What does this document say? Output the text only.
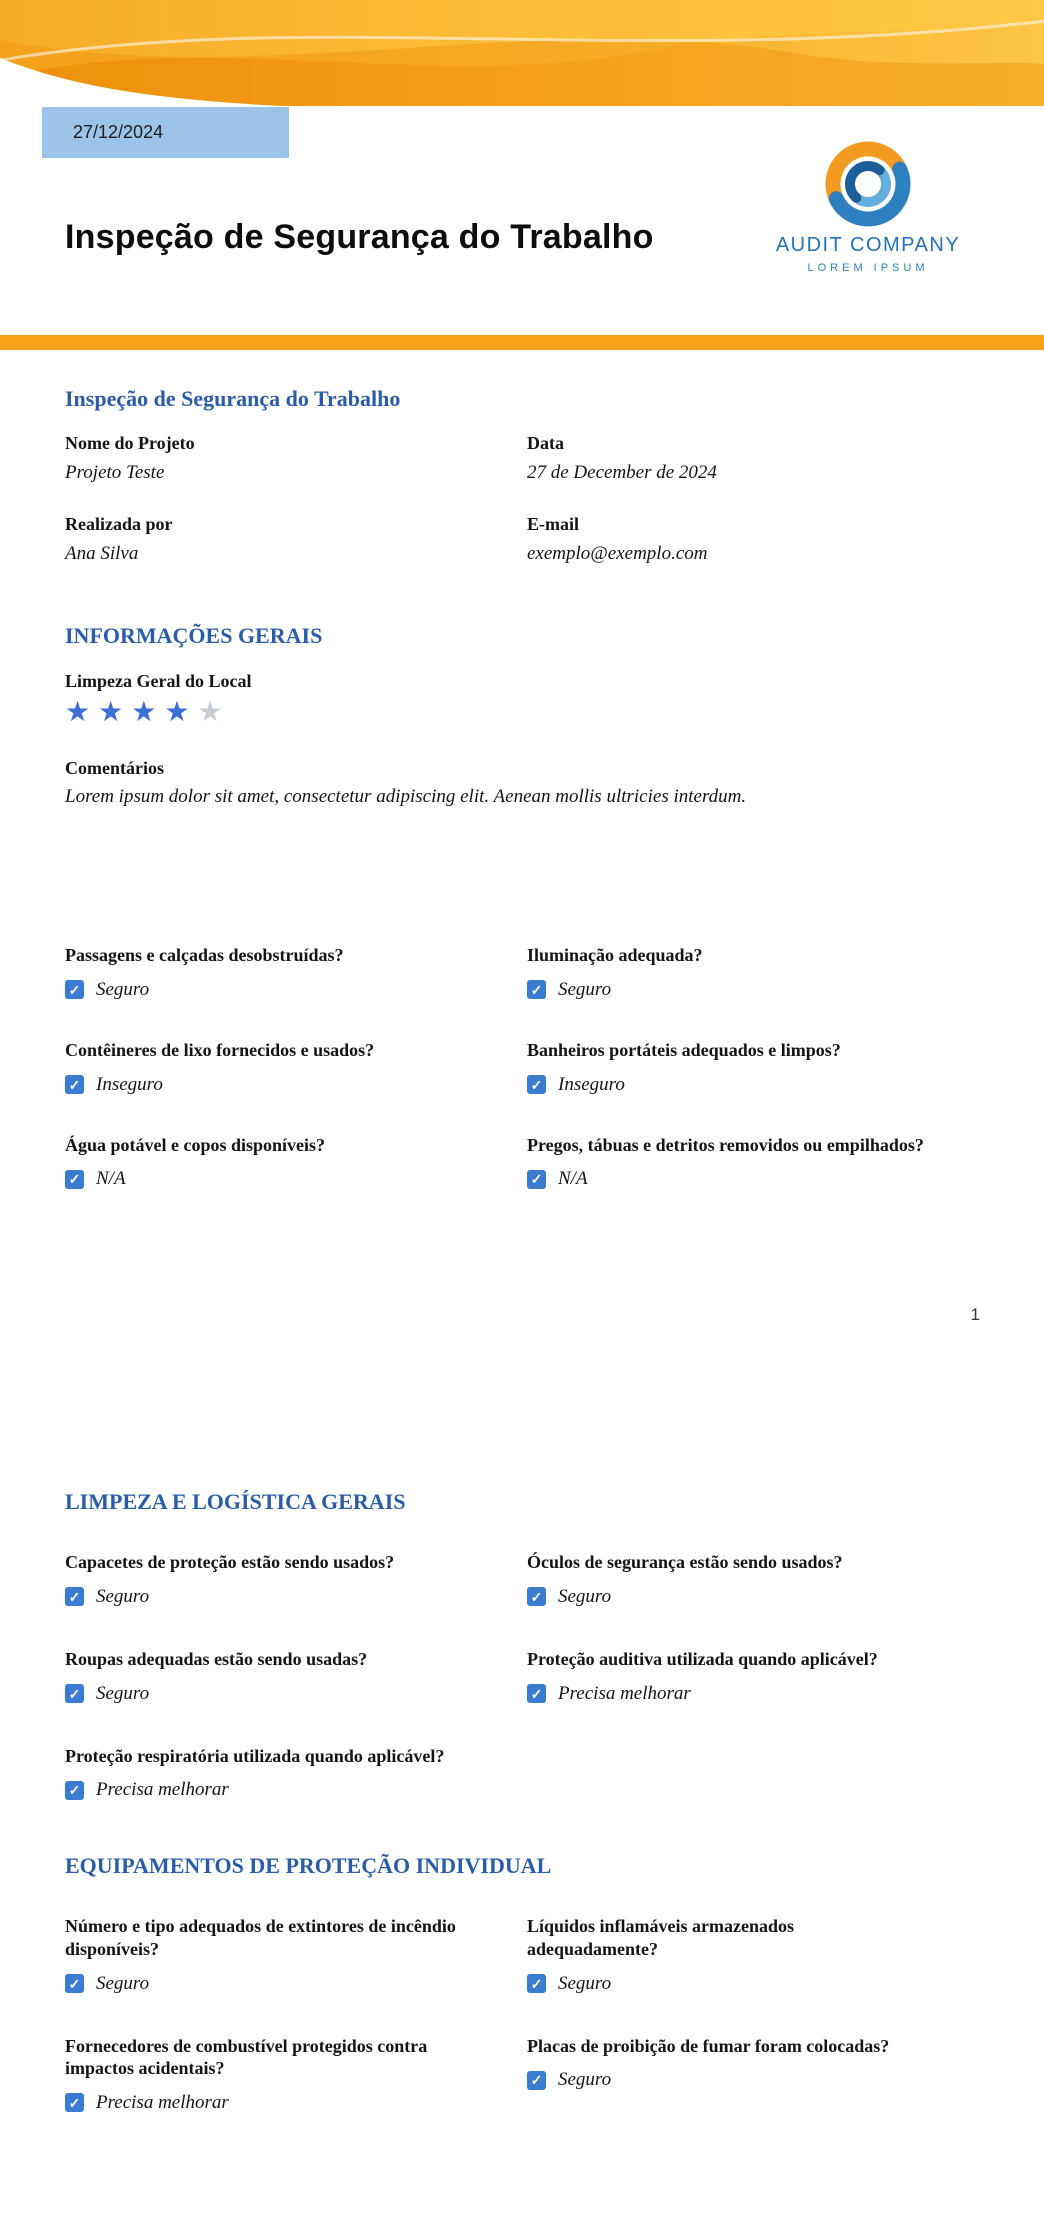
27/12/2024
Inspeção de Segurança do Trabalho	AUDIT COMPANY
LOREM IPSUM
Inspeção de Segurança do Trabalho
Nome do Projeto
Projeto Teste
Data
27 de December de 2024
Realizada por
Ana Silva
E-mail
exemplo@exemplo.com
INFORMAÇÕES GERAIS
Limpeza Geral do Local
★ ★ ★ ★ ★
Comentários
Lorem ipsum dolor sit amet, consectetur adipiscing elit. Aenean mollis ultricies interdum.
Passagens e calçadas desobstruídas?
✓ Seguro
Iluminação adequada?
✓ Seguro
Contêineres de lixo fornecidos e usados?
✓ Inseguro
Banheiros portáteis adequados e limpos?
✓ Inseguro
Água potável e copos disponíveis?
✓ N/A
Pregos, tábuas e detritos removidos ou empilhados?
✓ N/A
1
LIMPEZA E LOGÍSTICA GERAIS
Capacetes de proteção estão sendo usados?
✓ Seguro
Óculos de segurança estão sendo usados?
✓ Seguro
Roupas adequadas estão sendo usadas?
✓ Seguro
Proteção auditiva utilizada quando aplicável?
✓ Precisa melhorar
Proteção respiratória utilizada quando aplicável?
✓ Precisa melhorar
EQUIPAMENTOS DE PROTEÇÃO INDIVIDUAL
Número e tipo adequados de extintores de incêndio disponíveis?
✓ Seguro
Líquidos inflamáveis armazenados adequadamente?
✓ Seguro
Fornecedores de combustível protegidos contra impactos acidentais?
✓ Precisa melhorar
Placas de proibição de fumar foram colocadas?
✓ Seguro
